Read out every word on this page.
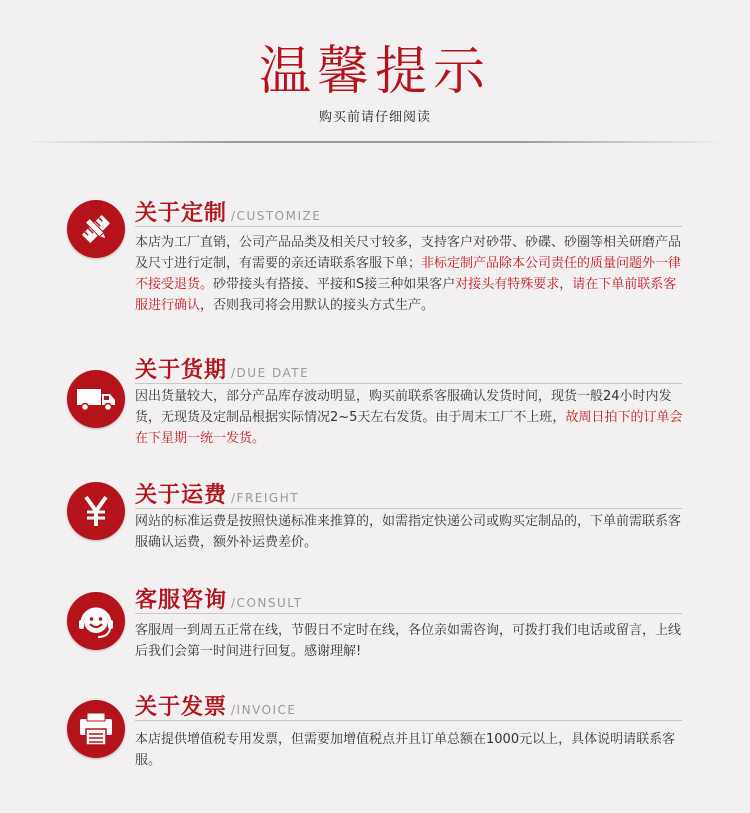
温馨提示
购买前请仔细阅读
关于定制 /CUSTOMIZE
本店为工厂直销，公司产品品类及相关尺寸较多，支持客户对砂带、砂碟、砂圈等相关研磨产品及尺寸进行定制，有需要的亲还请联系客服下单；非标定制产品除本公司责任的质量问题外一律不接受退货。砂带接头有搭接、平接和S接三种如果客户对接头有特殊要求，请在下单前联系客服进行确认，否则我司将会用默认的接头方式生产。
关于货期 /DUE DATE
因出货量较大，部分产品库存波动明显，购买前联系客服确认发货时间，现货一般24小时内发货，无现货及定制品根据实际情况2~5天左右发货。由于周末工厂不上班，故周日拍下的订单会在下星期一统一发货。
关于运费 /FREIGHT
网站的标准运费是按照快递标准来推算的，如需指定快递公司或购买定制品的，下单前需联系客服确认运费，额外补运费差价。
客服咨询 /CONSULT
客服周一到周五正常在线，节假日不定时在线，各位亲如需咨询，可拨打我们电话或留言，上线后我们会第一时间进行回复。感谢理解!
关于发票 /INVOICE
本店提供增值税专用发票，但需要加增值税点并且订单总额在1000元以上，具体说明请联系客服。
